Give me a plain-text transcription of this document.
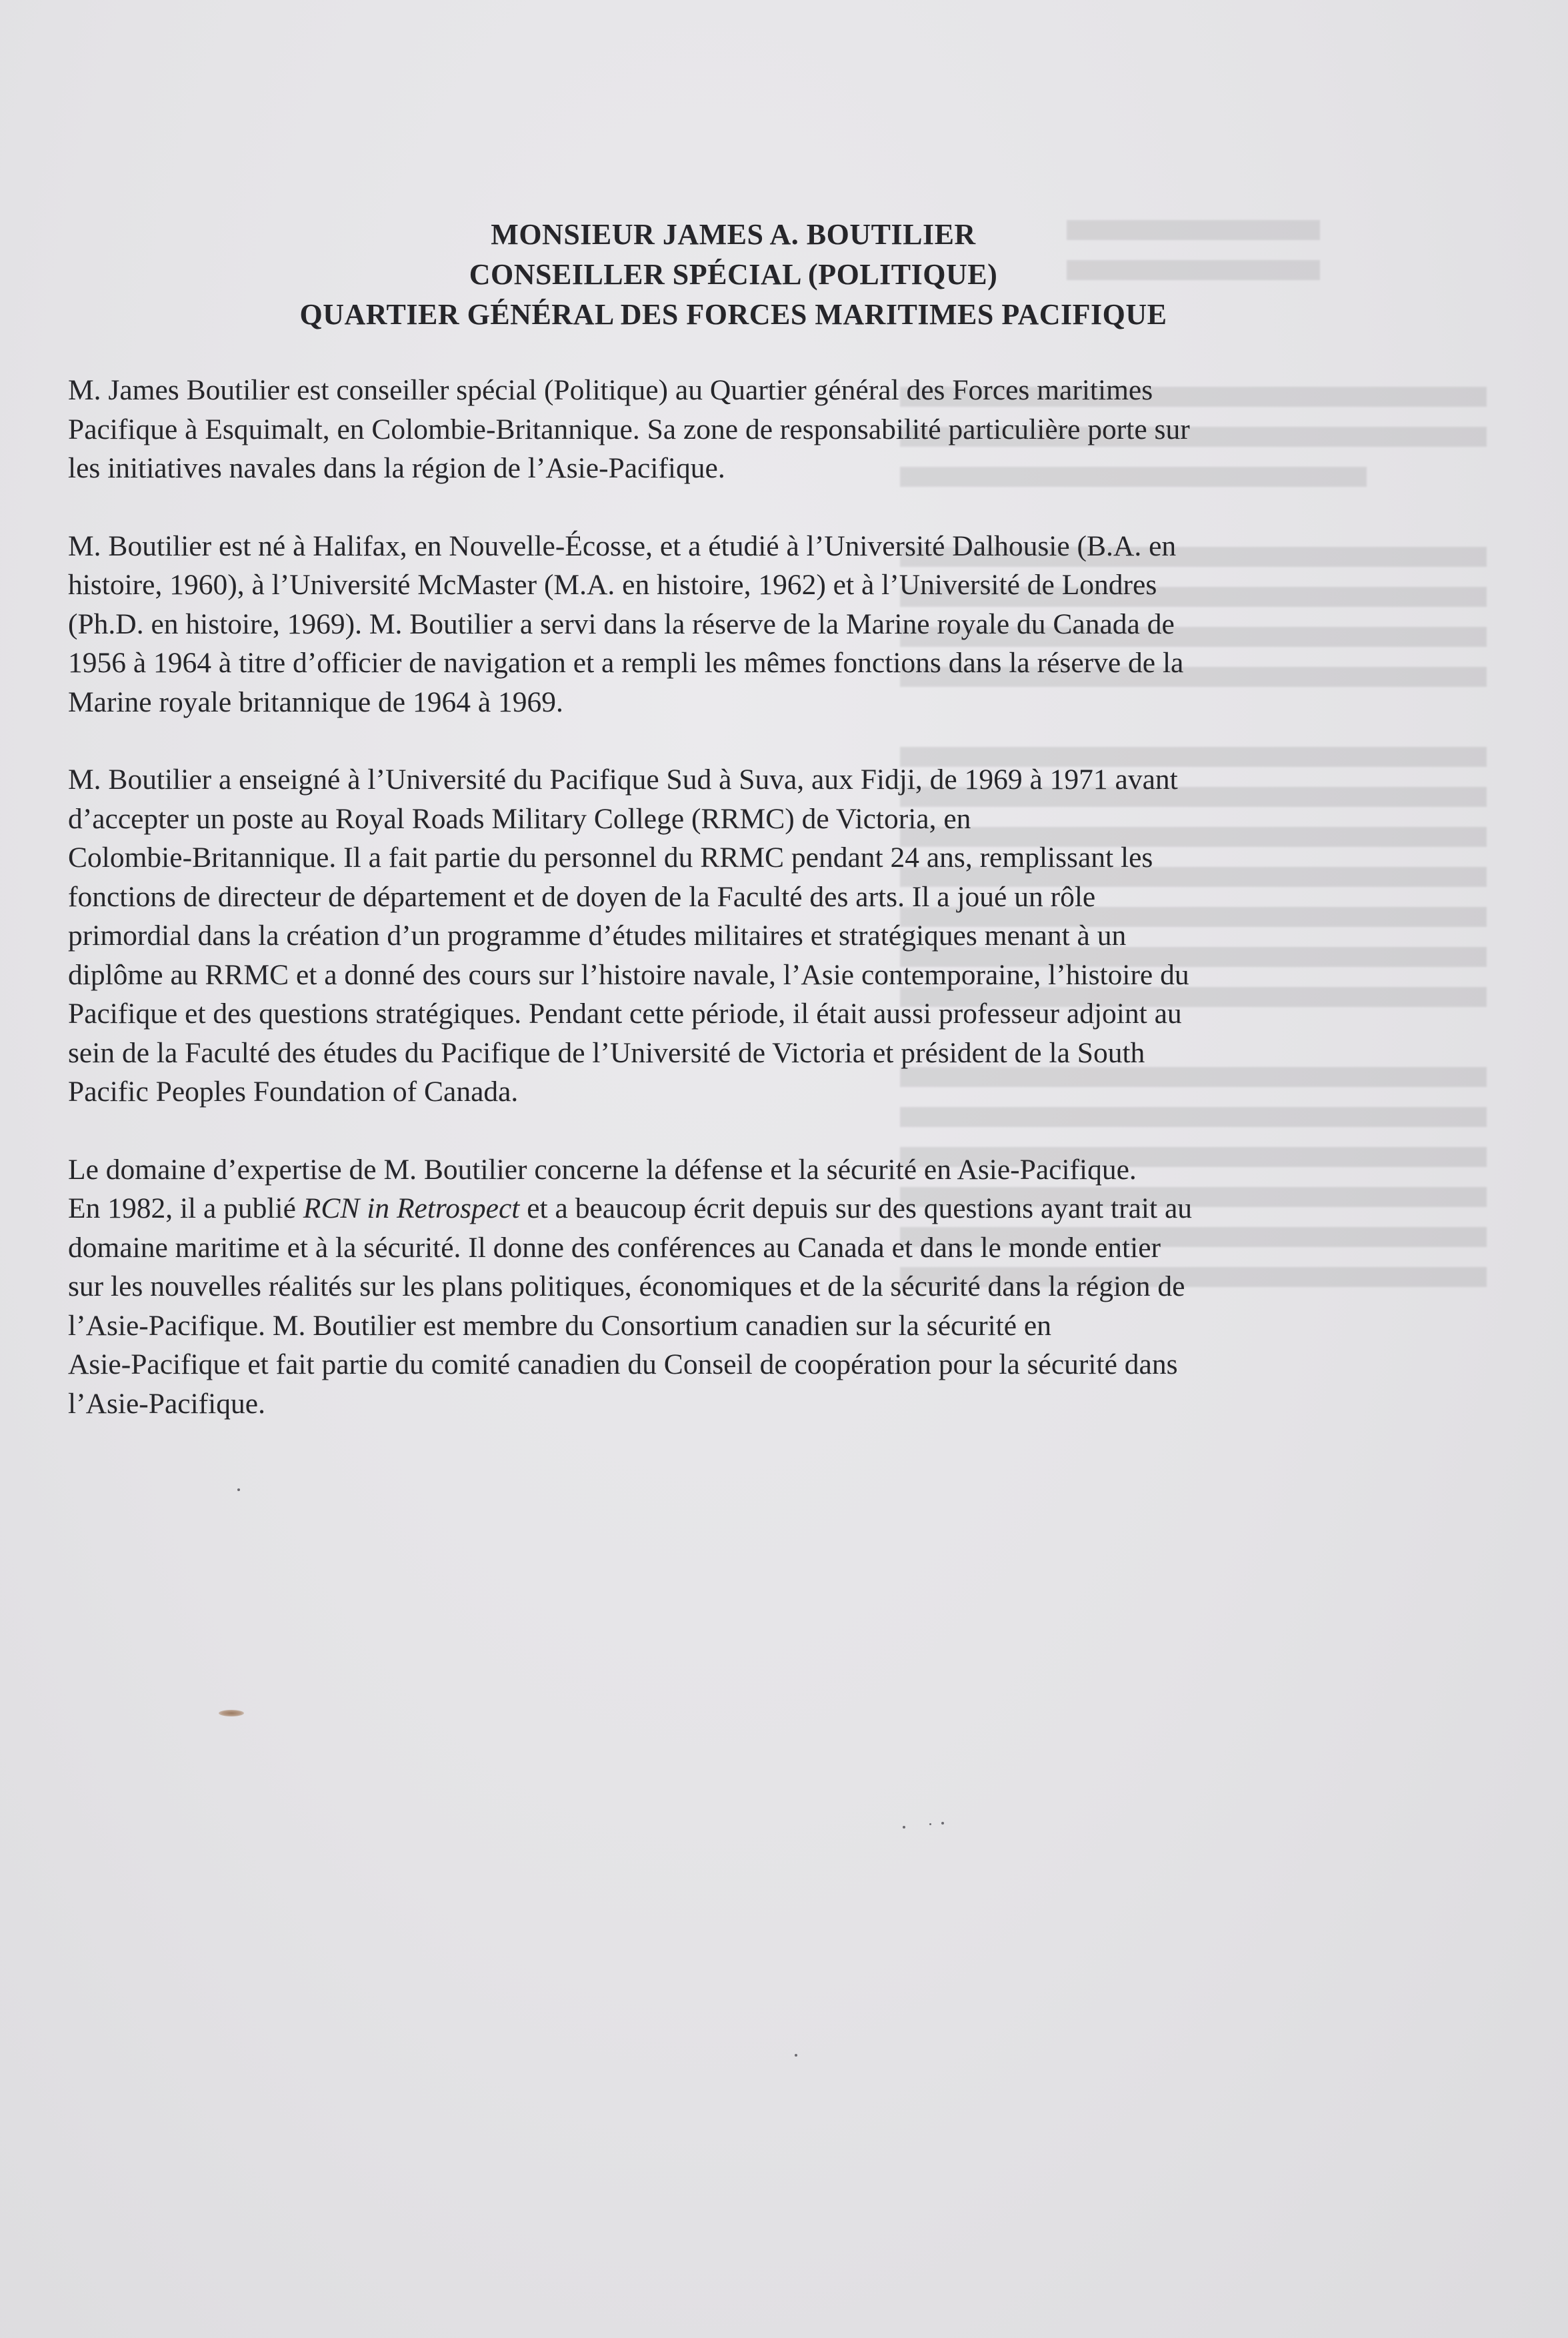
MONSIEUR JAMES A. BOUTILIER
CONSEILLER SPÉCIAL (POLITIQUE)
QUARTIER GÉNÉRAL DES FORCES MARITIMES PACIFIQUE

M. James Boutilier est conseiller spécial (Politique) au Quartier général des Forces maritimes
Pacifique à Esquimalt, en Colombie-Britannique. Sa zone de responsabilité particulière porte sur
les initiatives navales dans la région de l’Asie-Pacifique.

M. Boutilier est né à Halifax, en Nouvelle-Écosse, et a étudié à l’Université Dalhousie (B.A. en
histoire, 1960), à l’Université McMaster (M.A. en histoire, 1962) et à l’Université de Londres
(Ph.D. en histoire, 1969). M. Boutilier a servi dans la réserve de la Marine royale du Canada de
1956 à 1964 à titre d’officier de navigation et a rempli les mêmes fonctions dans la réserve de la
Marine royale britannique de 1964 à 1969.

M. Boutilier a enseigné à l’Université du Pacifique Sud à Suva, aux Fidji, de 1969 à 1971 avant
d’accepter un poste au Royal Roads Military College (RRMC) de Victoria, en
Colombie-Britannique. Il a fait partie du personnel du RRMC pendant 24 ans, remplissant les
fonctions de directeur de département et de doyen de la Faculté des arts. Il a joué un rôle
primordial dans la création d’un programme d’études militaires et stratégiques menant à un
diplôme au RRMC et a donné des cours sur l’histoire navale, l’Asie contemporaine, l’histoire du
Pacifique et des questions stratégiques. Pendant cette période, il était aussi professeur adjoint au
sein de la Faculté des études du Pacifique de l’Université de Victoria et président de la South
Pacific Peoples Foundation of Canada.

Le domaine d’expertise de M. Boutilier concerne la défense et la sécurité en Asie-Pacifique.
En 1982, il a publié RCN in Retrospect et a beaucoup écrit depuis sur des questions ayant trait au
domaine maritime et à la sécurité. Il donne des conférences au Canada et dans le monde entier
sur les nouvelles réalités sur les plans politiques, économiques et de la sécurité dans la région de
l’Asie-Pacifique. M. Boutilier est membre du Consortium canadien sur la sécurité en
Asie-Pacifique et fait partie du comité canadien du Conseil de coopération pour la sécurité dans
l’Asie-Pacifique.
